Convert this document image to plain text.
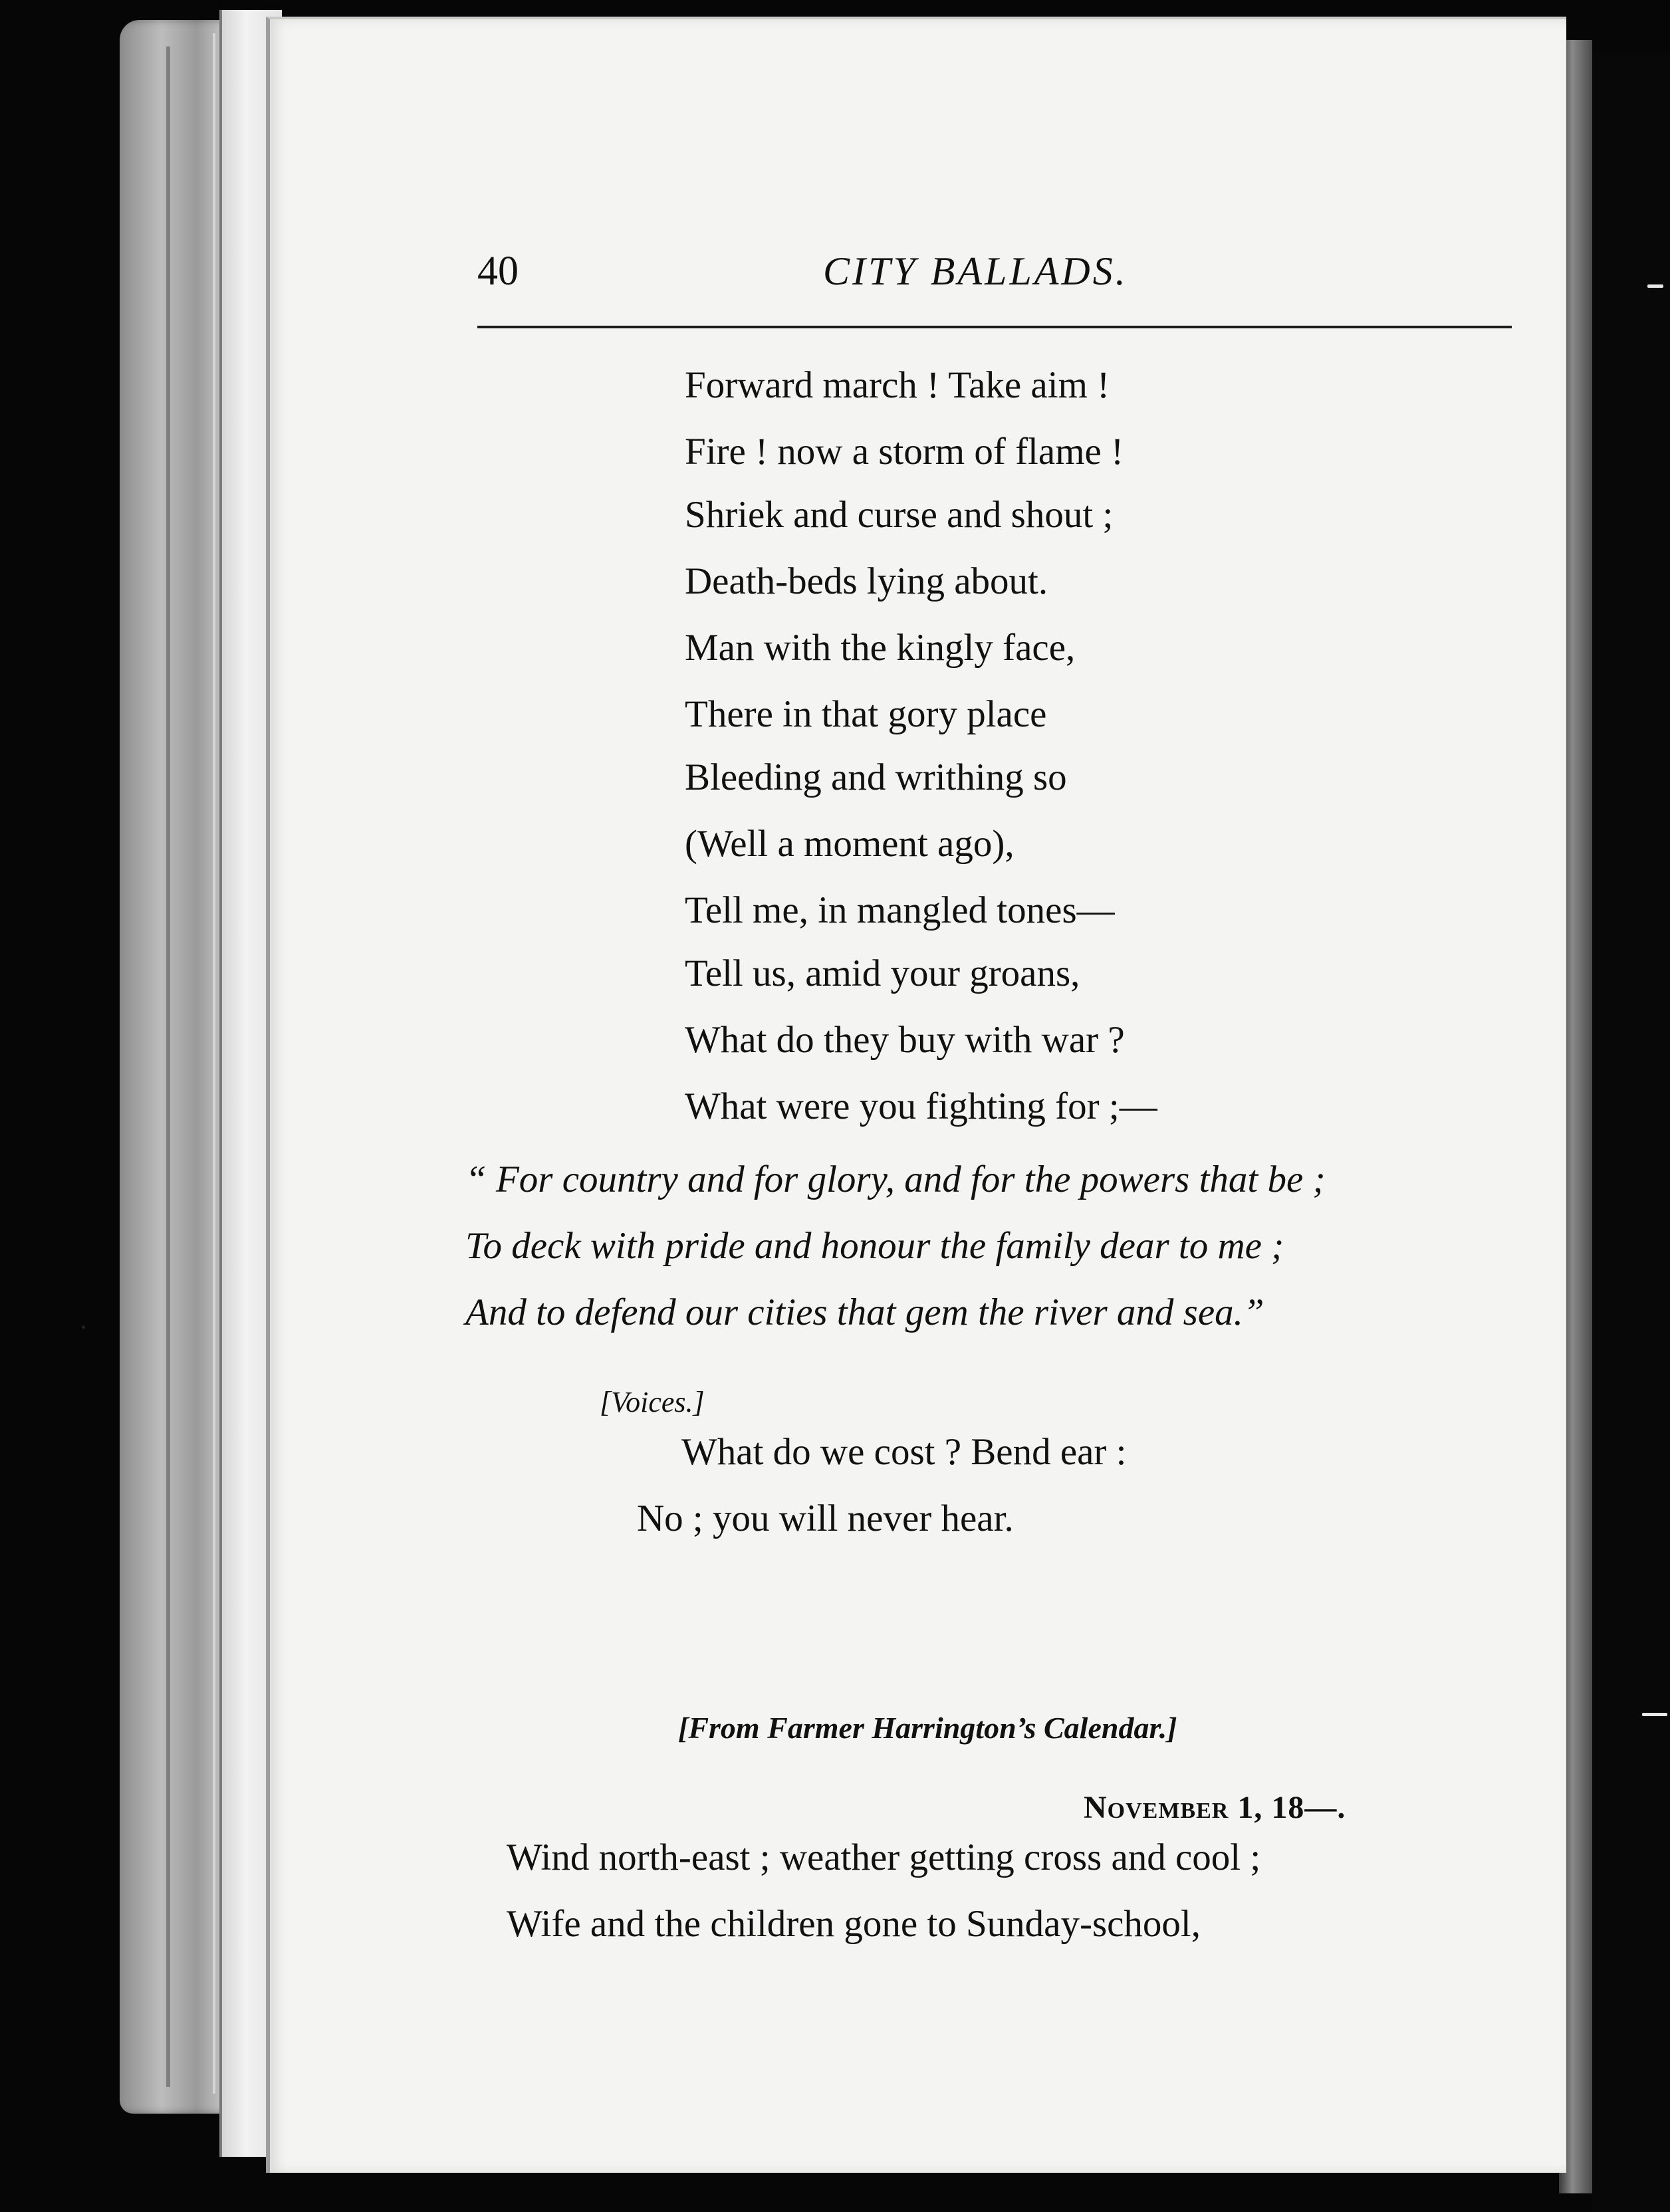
40	CITY BALLADS.
Forward march ! Take aim !
Fire ! now a storm of flame !
Shriek and curse and shout ;
Death-beds lying about.
Man with the kingly face,
There in that gory place
Bleeding and writhing so
(Well a moment ago),
Tell me, in mangled tones—
Tell us, amid your groans,
What do they buy with war ?
What were you fighting for ;—
“ For country and for glory, and for the powers that be ;
To deck with pride and honour the family dear to me ;
And to defend our cities that gem the river and sea.”
[Voices.]
What do we cost ? Bend ear :
No ; you will never hear.
[From Farmer Harrington’s Calendar.]
November 1, 18—.
Wind north-east ; weather getting cross and cool ;
Wife and the children gone to Sunday-school,
